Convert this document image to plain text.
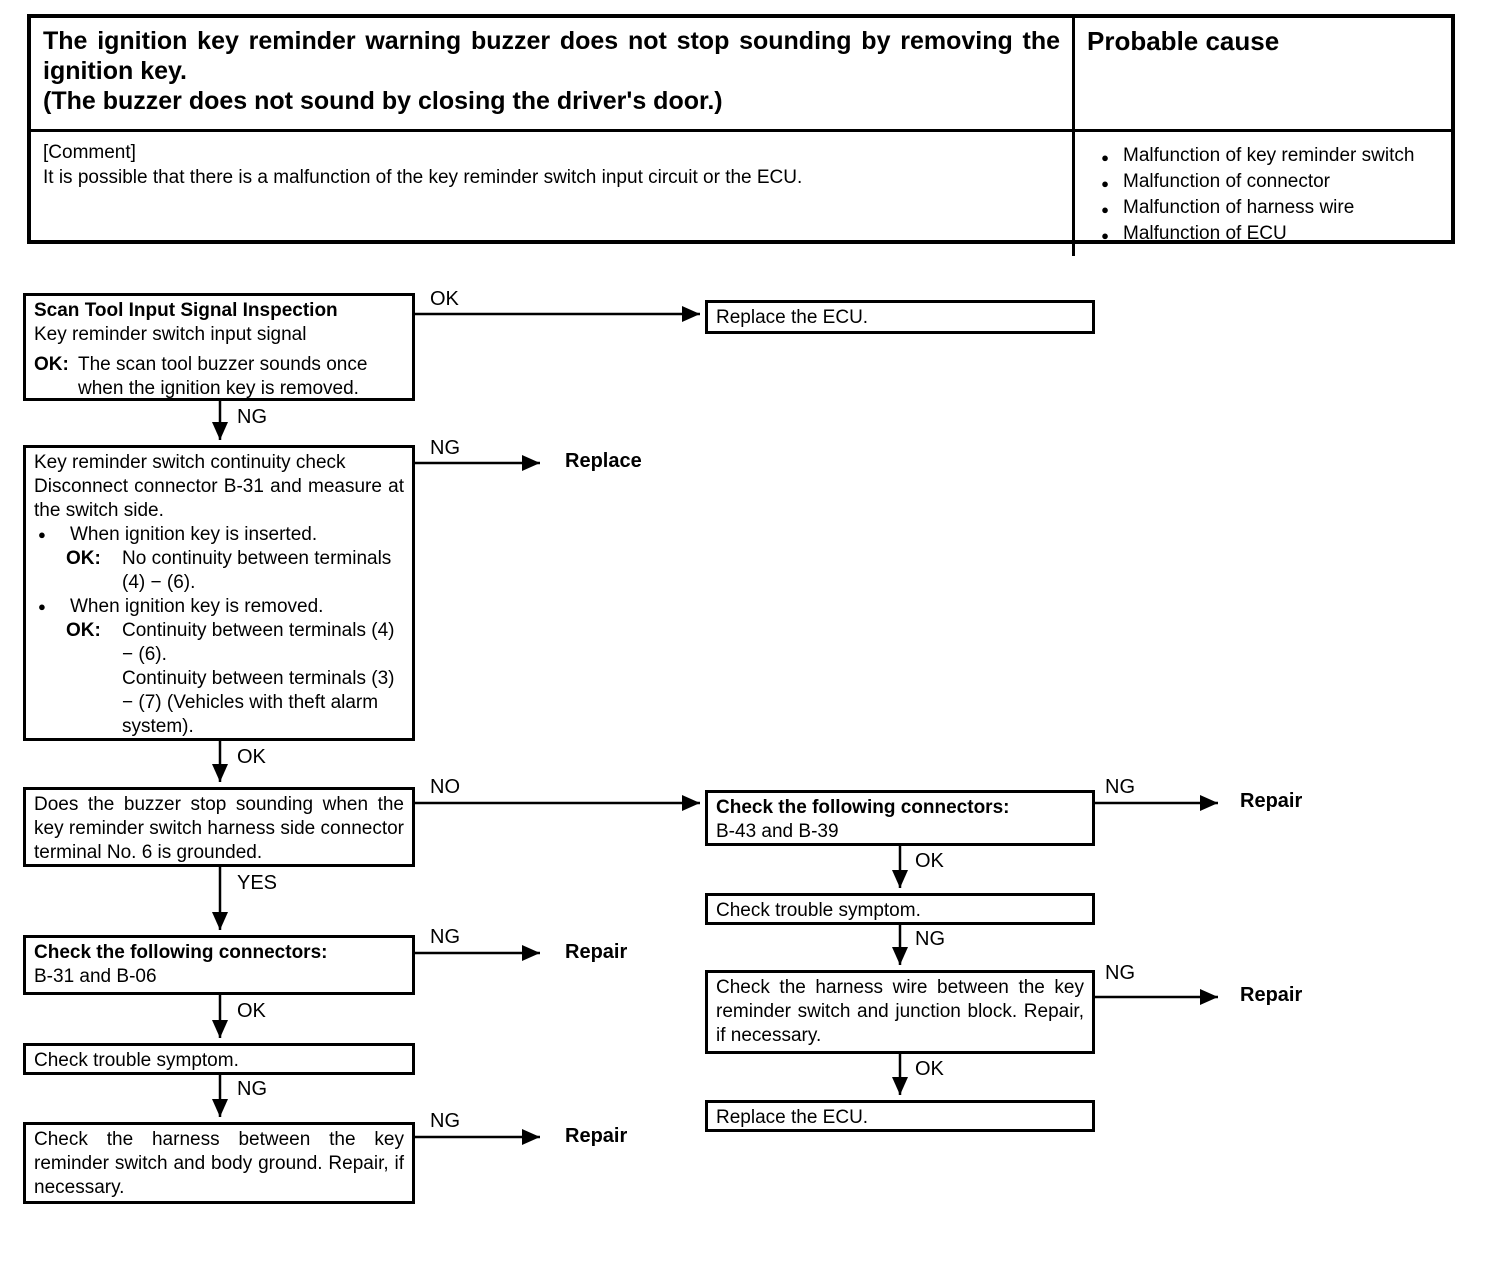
The ignition key reminder warning buzzer does not stop sounding by removing the ignition key.
(The buzzer does not sound by closing the driver's door.)
Probable cause
[Comment]
It is possible that there is a malfunction of the key reminder switch input circuit or the ECU.
● Malfunction of key reminder switch
● Malfunction of connector
● Malfunction of harness wire
● Malfunction of ECU
Scan Tool Input Signal Inspection
Key reminder switch input signal
OK: The scan tool buzzer sounds once when the ignition key is removed.
Key reminder switch continuity check
Disconnect connector B-31 and measure at the switch side.
●	When ignition key is inserted.
OK:	No continuity between terminals (4) − (6).
●	When ignition key is removed.
OK:	Continuity between terminals (4) − (6).
Continuity between terminals (3) − (7) (Vehicles with theft alarm system).
Does the buzzer stop sounding when the key reminder switch harness side connector terminal No. 6 is grounded.
Check the following connectors:
B-31 and B-06
Check trouble symptom.
Check the harness between the key reminder switch and body ground. Repair, if necessary.
Replace the ECU.
Check the following connectors:
B-43 and B-39
Check trouble symptom.
Check the harness wire between the key reminder switch and junction block. Repair, if necessary.
Replace the ECU.
OK
NG
NG
Replace
OK
NO
YES
NG
Repair
OK
NG
NG
Repair
NG
Repair
OK
NG
NG
Repair
OK
